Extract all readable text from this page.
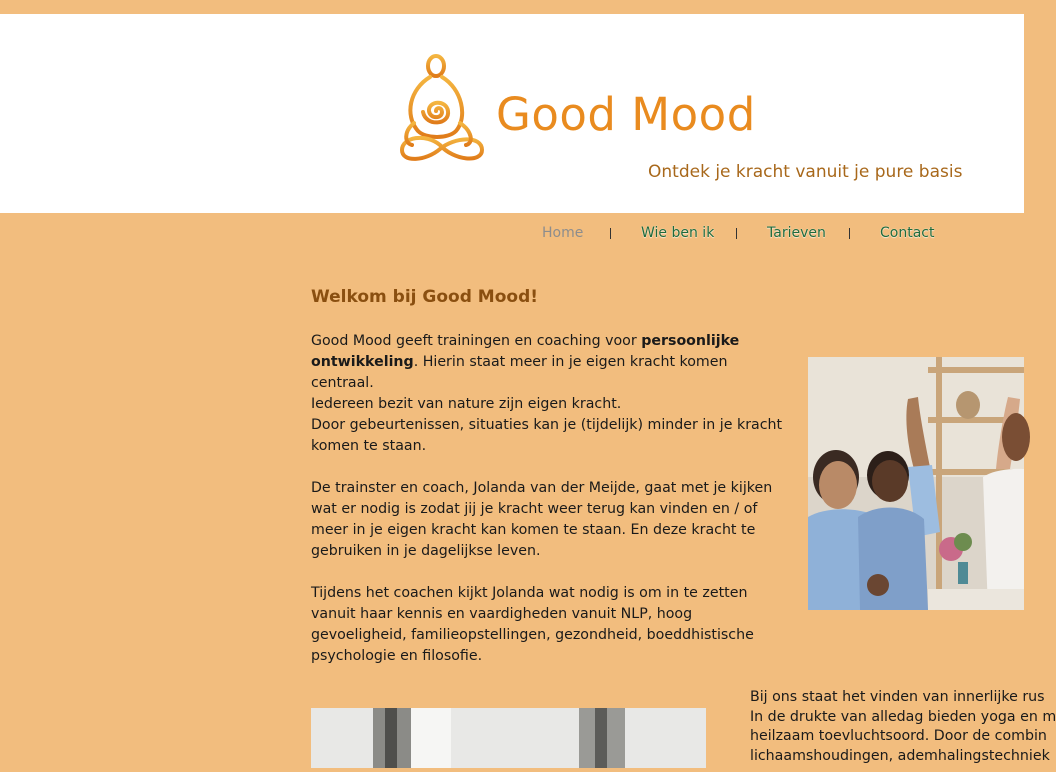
Good Mood
Ontdek je kracht vanuit je pure basis
Home	Wie ben ik	Tarieven	Contact
Welkom bij Good Mood!

Good Mood geeft trainingen en coaching voor persoonlijke ontwikkeling. Hierin staat meer in je eigen kracht komen centraal.

Iedereen bezit van nature zijn eigen kracht.
Door gebeurtenissen, situaties kan je (tijdelijk) minder in je kracht komen te staan.

De trainster en coach, Jolanda van der Meijde, gaat met je kijken wat er nodig is zodat jij je kracht weer terug kan vinden en / of meer in je eigen kracht kan komen te staan. En deze kracht te gebruiken in je dagelijkse leven.

Tijdens het coachen kijkt Jolanda wat nodig is om in te zetten vanuit haar kennis en vaardigheden vanuit NLP, hoog gevoeligheid, familieopstellingen, gezondheid, boeddhistische psychologie en filosofie.

Bij ons staat het vinden van innerlijke rus
In de drukte van alledag bieden yoga en m
heilzaam toevluchtsoord. Door de combin
lichaamshoudingen, ademhalingstechniek
